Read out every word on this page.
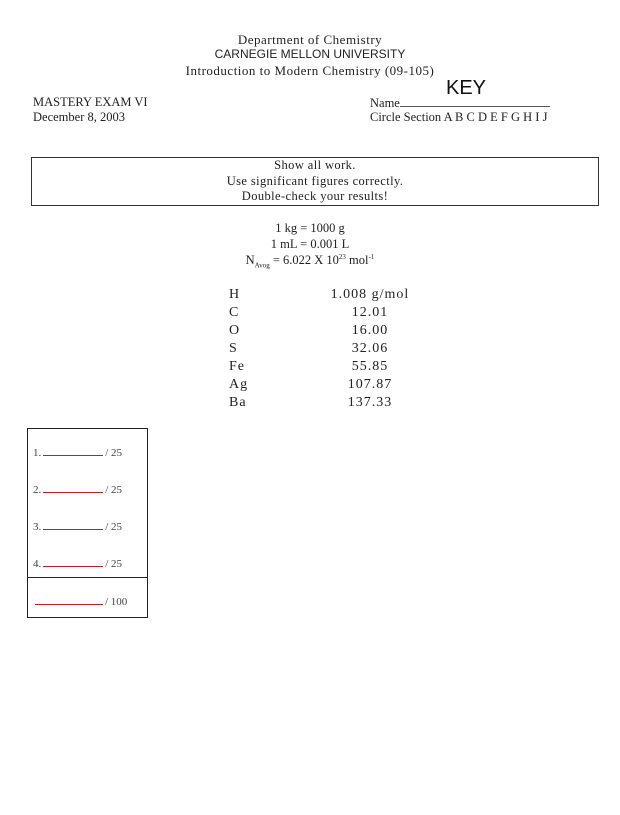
Department of Chemistry
CARNEGIE MELLON UNIVERSITY
Introduction to Modern Chemistry (09-105)
MASTERY EXAM VI
December 8, 2003
Name
KEY
Circle Section A B C D E F G H I J
Show all work.
Use significant figures correctly.
Double-check your results!
1 kg = 1000 g
1 mL = 0.001 L
$N_{Avog} = 6.022$ X $10^{23}$ mol$^{-1}$
H	1.008 g/mol
C	12.01
O	16.00
S	32.06
Fe	55.85
Ag	107.87
Ba	137.33
1.	/ 25
2.	/ 25
3.	/ 25
4.	/ 25
/ 100
